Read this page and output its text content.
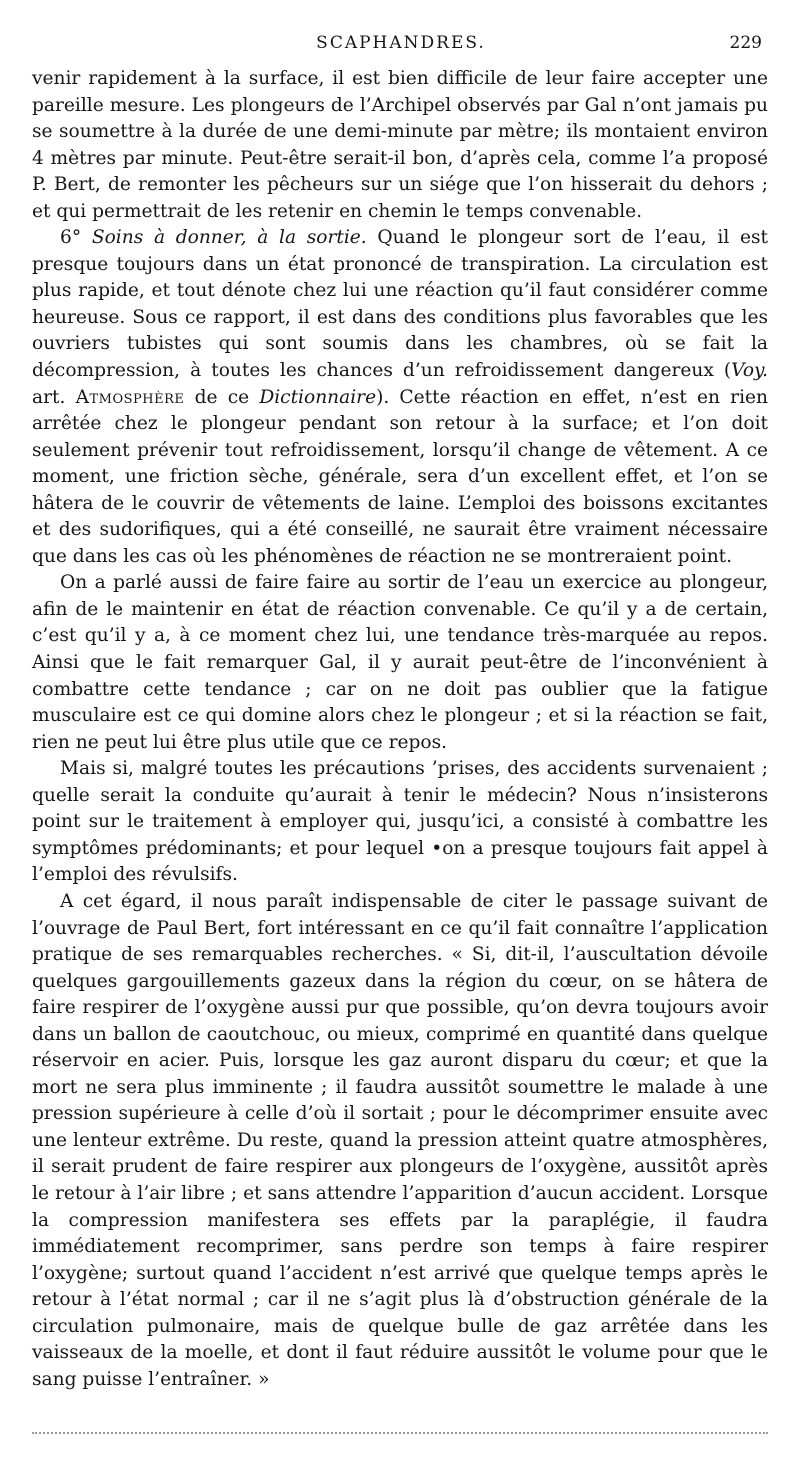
SCAPHANDRES.	229

venir rapidement à la surface, il est bien difficile de leur faire accepter une pareille mesure. Les plongeurs de l’Archipel observés par Gal n’ont jamais pu se soumettre à la durée de une demi-minute par mètre; ils montaient environ 4 mètres par minute. Peut-être serait-il bon, d’après cela, comme l’a proposé P. Bert, de remonter les pêcheurs sur un siége que l’on hisserait du dehors ; et qui permettrait de les retenir en chemin le temps convenable.

6° Soins à donner, à la sortie. Quand le plongeur sort de l’eau, il est presque toujours dans un état prononcé de transpiration. La circulation est plus rapide, et tout dénote chez lui une réaction qu’il faut considérer comme heureuse. Sous ce rapport, il est dans des conditions plus favorables que les ouvriers tubistes qui sont soumis dans les chambres, où se fait la décompression, à toutes les chances d’un refroidissement dangereux (Voy. art. Atmosphère de ce Dictionnaire). Cette réaction en effet, n’est en rien arrêtée chez le plongeur pendant son retour à la surface; et l’on doit seulement prévenir tout refroidissement, lorsqu’il change de vêtement. A ce moment, une friction sèche, générale, sera d’un excellent effet, et l’on se hâtera de le couvrir de vêtements de laine. L’emploi des boissons excitantes et des sudorifiques, qui a été conseillé, ne saurait être vraiment nécessaire que dans les cas où les phénomènes de réaction ne se montreraient point.

On a parlé aussi de faire faire au sortir de l’eau un exercice au plongeur, afin de le maintenir en état de réaction convenable. Ce qu’il y a de certain, c’est qu’il y a, à ce moment chez lui, une tendance très-marquée au repos. Ainsi que le fait remarquer Gal, il y aurait peut-être de l’inconvénient à combattre cette tendance ; car on ne doit pas oublier que la fatigue musculaire est ce qui domine alors chez le plongeur ; et si la réaction se fait, rien ne peut lui être plus utile que ce repos.

Mais si, malgré toutes les précautions ’prises, des accidents survenaient ; quelle serait la conduite qu’aurait à tenir le médecin? Nous n’insisterons point sur le traitement à employer qui, jusqu’ici, a consisté à combattre les symptômes prédominants; et pour lequel •on a presque toujours fait appel à l’emploi des révulsifs.

A cet égard, il nous paraît indispensable de citer le passage suivant de l’ouvrage de Paul Bert, fort intéressant en ce qu’il fait connaître l’application pratique de ses remarquables recherches. « Si, dit-il, l’auscultation dévoile quelques gargouillements gazeux dans la région du cœur, on se hâtera de faire respirer de l’oxygène aussi pur que possible, qu’on devra toujours avoir dans un ballon de caoutchouc, ou mieux, comprimé en quantité dans quelque réservoir en acier. Puis, lorsque les gaz auront disparu du cœur; et que la mort ne sera plus imminente ; il faudra aussitôt soumettre le malade à une pression supérieure à celle d’où il sortait ; pour le décomprimer ensuite avec une lenteur extrême. Du reste, quand la pression atteint quatre atmosphères, il serait prudent de faire respirer aux plongeurs de l’oxygène, aussitôt après le retour à l’air libre ; et sans attendre l’apparition d’aucun accident. Lorsque la compression manifestera ses effets par la paraplégie, il faudra immédiatement recomprimer, sans perdre son temps à faire respirer l’oxygène; surtout quand l’accident n’est arrivé que quelque temps après le retour à l’état normal ; car il ne s’agit plus là d’obstruction générale de la circulation pulmonaire, mais de quelque bulle de gaz arrêtée dans les vaisseaux de la moelle, et dont il faut réduire aussitôt le volume pour que le sang puisse l’entraîner. »
